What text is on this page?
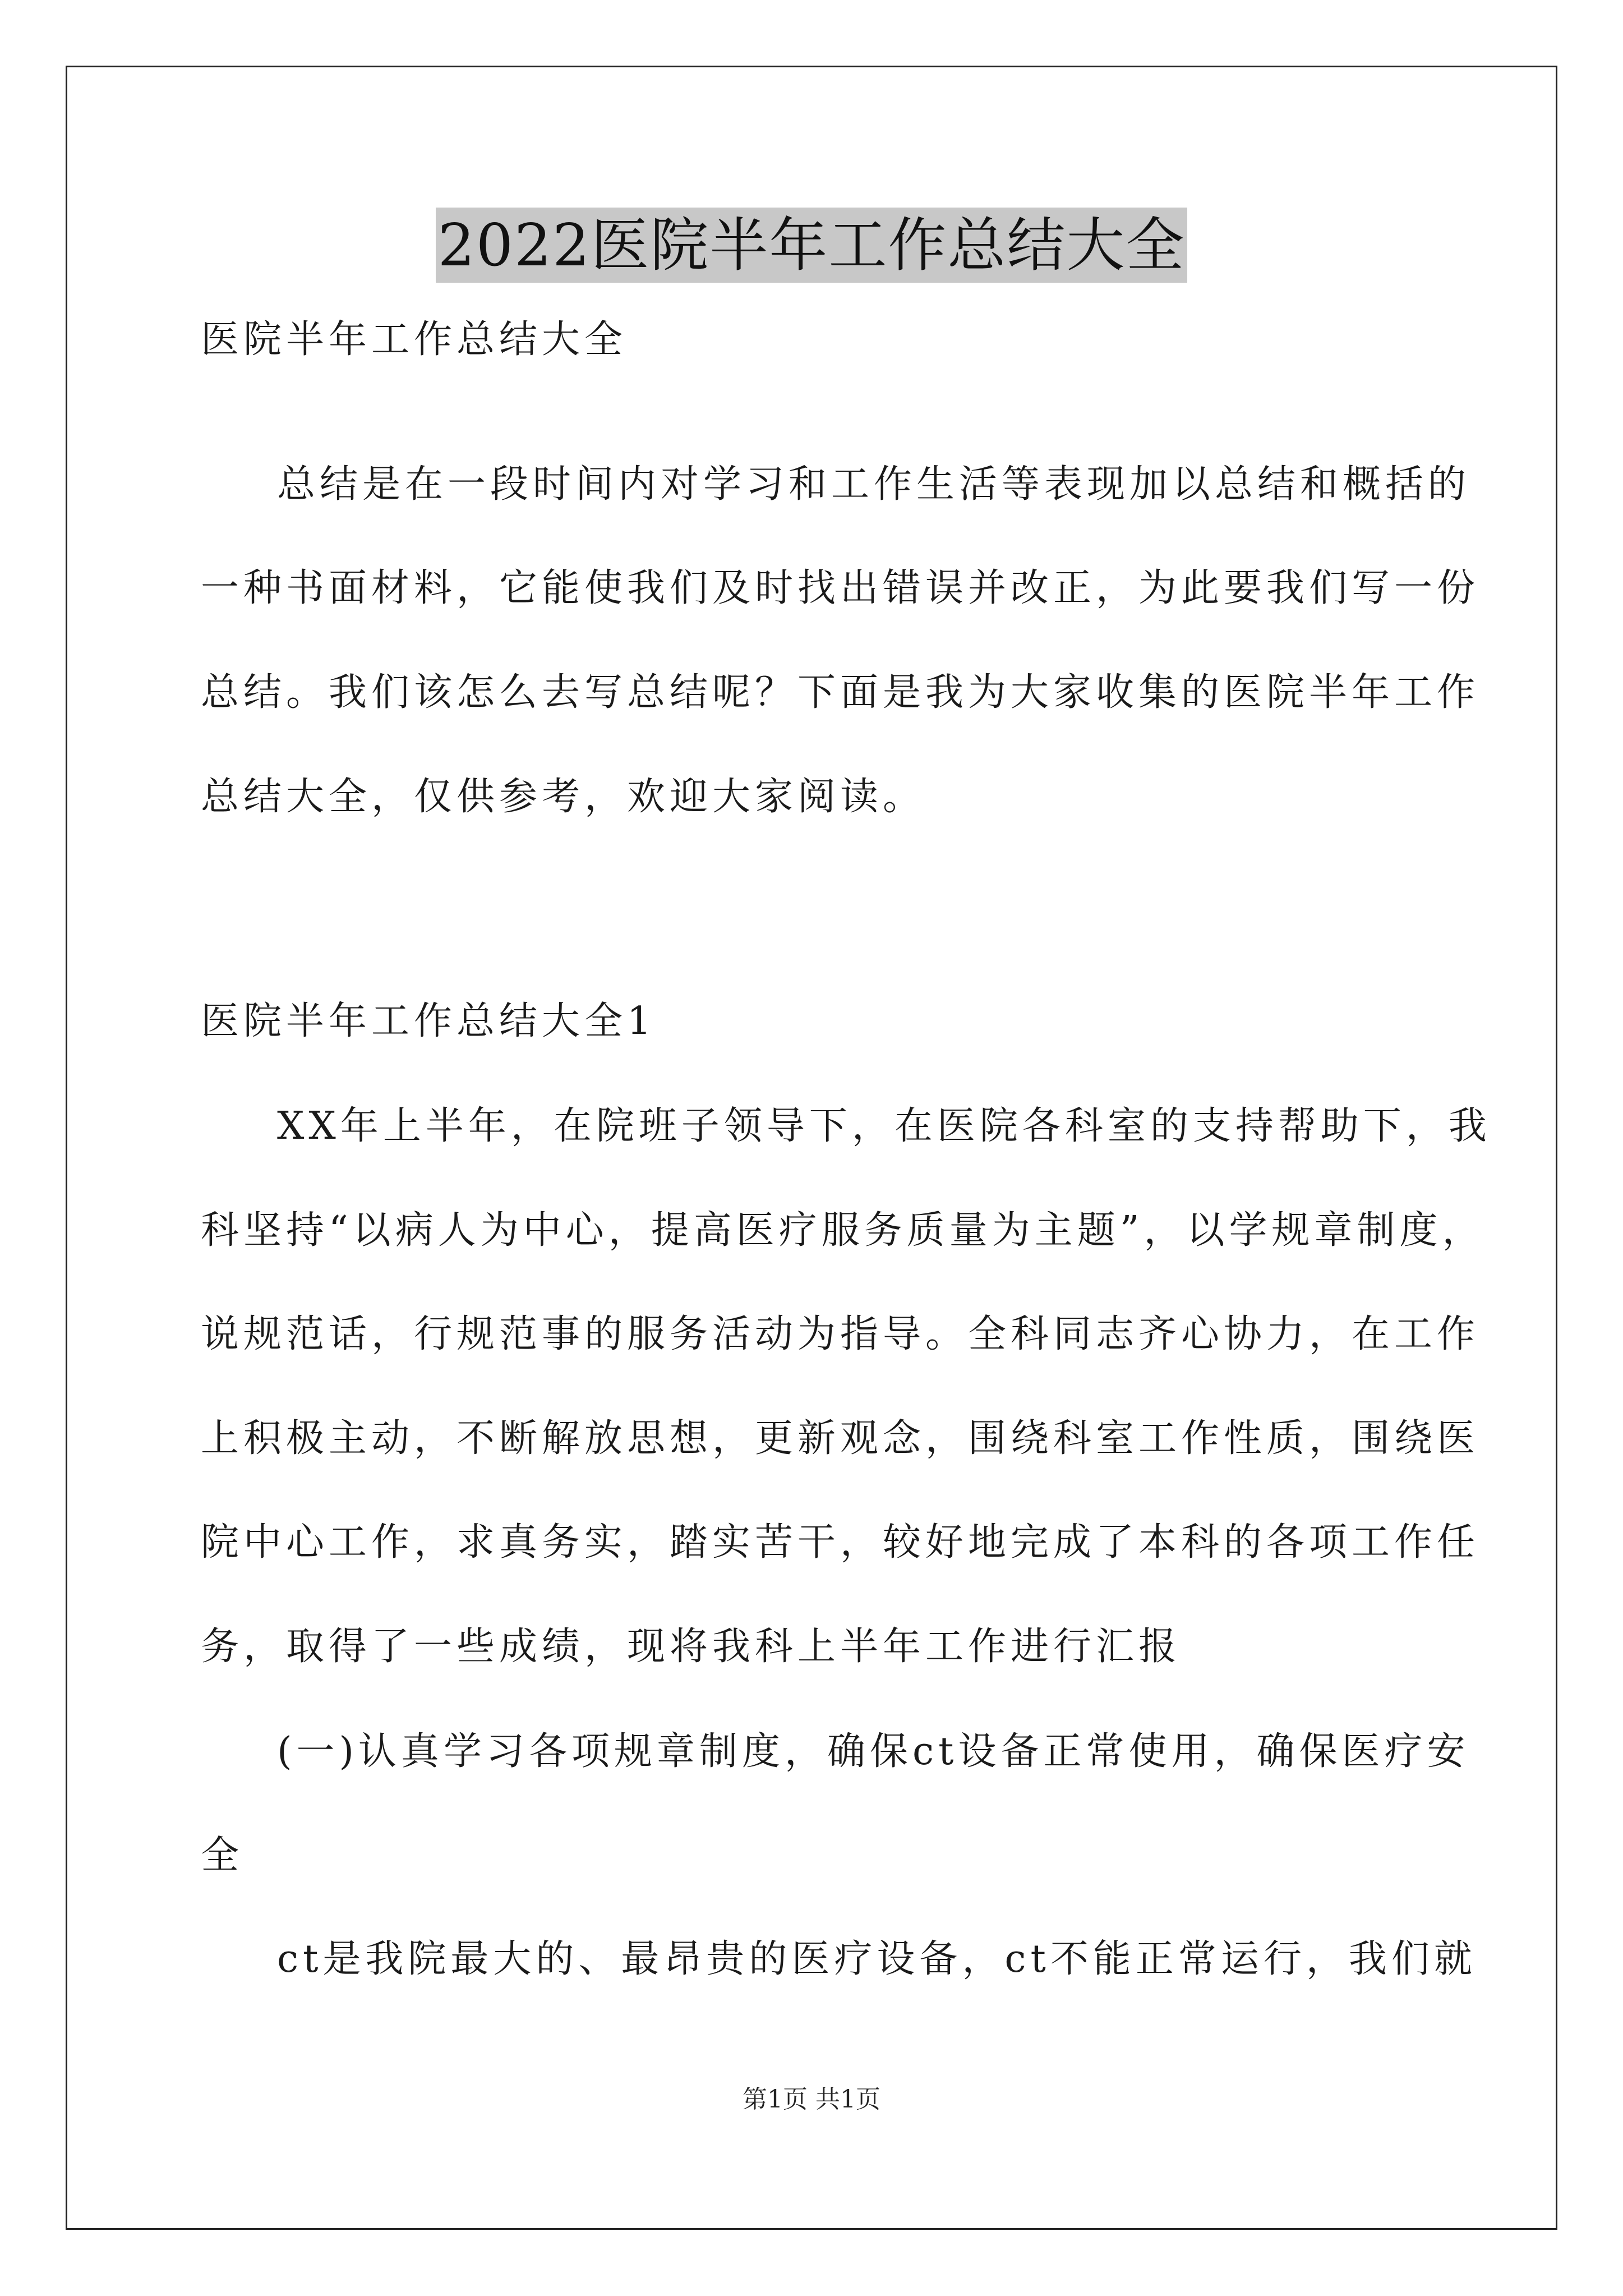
2022医院半年工作总结大全
医院半年工作总结大全
总结是在一段时间内对学习和工作生活等表现加以总结和概括的
一种书面材料，它能使我们及时找出错误并改正，为此要我们写一份
总结。我们该怎么去写总结呢？下面是我为大家收集的医院半年工作
总结大全，仅供参考，欢迎大家阅读。
医院半年工作总结大全1
XX年上半年，在院班子领导下，在医院各科室的支持帮助下，我
科坚持“以病人为中心，提高医疗服务质量为主题”，以学规章制度，
说规范话，行规范事的服务活动为指导。全科同志齐心协力，在工作
上积极主动，不断解放思想，更新观念，围绕科室工作性质，围绕医
院中心工作，求真务实，踏实苦干，较好地完成了本科的各项工作任
务，取得了一些成绩，现将我科上半年工作进行汇报
(一)认真学习各项规章制度，确保ct设备正常使用，确保医疗安
全
ct是我院最大的、最昂贵的医疗设备，ct不能正常运行，我们就
第1页 共1页
